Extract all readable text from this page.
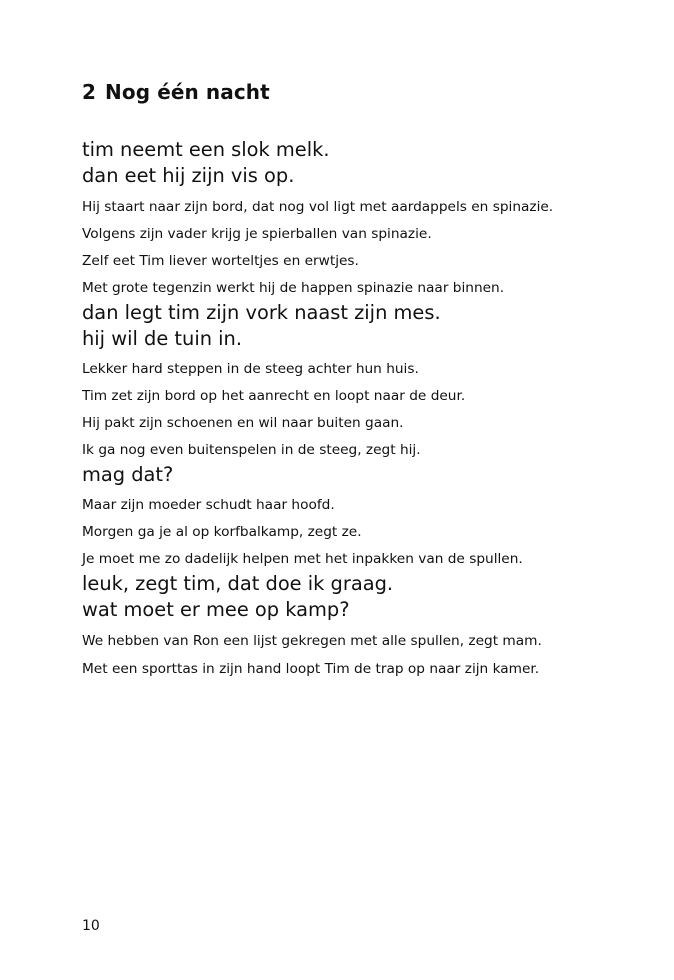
2 Nog één nacht

tim neemt een slok melk.

dan eet hij zijn vis op.

Hij staart naar zijn bord, dat nog vol ligt met aardappels en spinazie.

Volgens zijn vader krijg je spierballen van spinazie.

Zelf eet Tim liever worteltjes en erwtjes.

Met grote tegenzin werkt hij de happen spinazie naar binnen.

dan legt tim zijn vork naast zijn mes.

hij wil de tuin in.

Lekker hard steppen in de steeg achter hun huis.

Tim zet zijn bord op het aanrecht en loopt naar de deur.

Hij pakt zijn schoenen en wil naar buiten gaan.

Ik ga nog even buitenspelen in de steeg, zegt hij.

mag dat?

Maar zijn moeder schudt haar hoofd.

Morgen ga je al op korfbalkamp, zegt ze.

Je moet me zo dadelijk helpen met het inpakken van de spullen.

leuk, zegt tim, dat doe ik graag.

wat moet er mee op kamp?

We hebben van Ron een lijst gekregen met alle spullen, zegt mam.

Met een sporttas in zijn hand loopt Tim de trap op naar zijn kamer.

10
